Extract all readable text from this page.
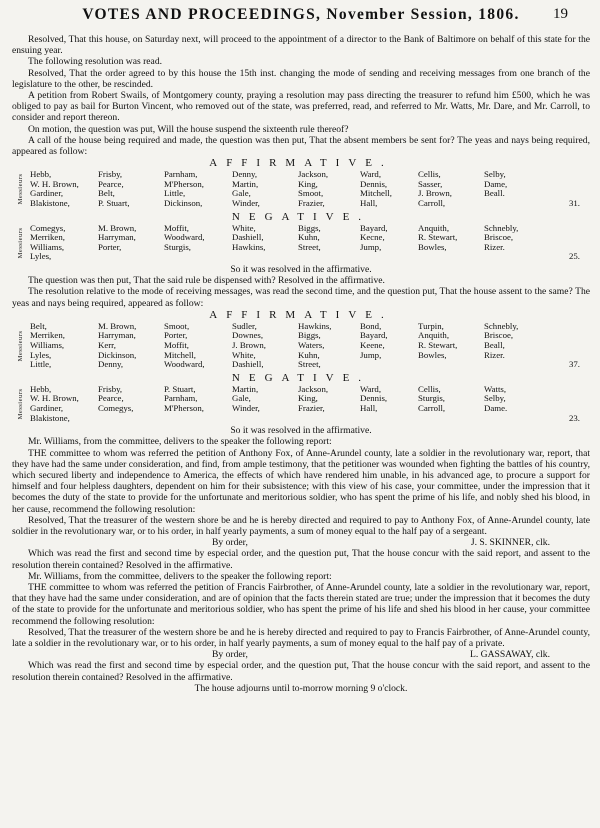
VOTES AND PROCEEDINGS, November Session, 1806. 19

Resolved, That this house, on Saturday next, will proceed to the appointment of a director to the Bank of Baltimore on behalf of this state for the ensuing year.

The following resolution was read.

Resolved, That the order agreed to by this house the 15th inst. changing the mode of sending and receiving messages from one branch of the legislature to the other, be rescinded.

A petition from Robert Swails, of Montgomery county, praying a resolution may pass directing the treasurer to refund him £500, which he was obliged to pay as bail for Burton Vincent, who removed out of the state, was preferred, read, and referred to Mr. Watts, Mr. Dare, and Mr. Carroll, to consider and report thereon.

On motion, the question was put, Will the house suspend the sixteenth rule thereof?

A call of the house being required and made, the question was then put, That the absent members be sent for? The yeas and nays being required, appeared as follow:

AFFIRMATIVE.

Messieurs Hebb,
W. H. Brown,
Gardiner,
Blakistone,
Frisby,
Pearce,
Belt,
P. Stuart,
Parnham,
M'Pherson,
Little,
Dickinson,
Denny,
Martin,
Gale,
Winder,
Jackson,
King,
Smoot,
Frazier,
Ward,
Dennis,
Mitchell,
Hall,
Cellis,
Sasser,
J. Brown,
Carroll,
Selby,
Dame,
Beall.

31.

NEGATIVE.

Messieurs Comegys,
Merriken,
Williams,
Lyles,
M. Brown,
Harryman,
Porter,

Moffit,
Woodward,
Sturgis,

White,
Dashiell,
Hawkins,

Biggs,
Kuhn,
Street,

Bayard,
Kecne,
Jump,

Anquith,
R. Stewart,
Bowles,

Schnebly,
Briscoe,
Rizer.

25.

So it was resolved in the affirmative.

The question was then put, That the said rule be dispensed with? Resolved in the affirmative.

The resolution relative to the mode of receiving messages, was read the second time, and the question put, That the house assent to the same? The yeas and nays being required, appeared as follow:

AFFIRMATIVE.

Messieurs
Belt,
Merriken,
Williams,
Lyles,
Little,
M. Brown,
Harryman,
Kerr,
Dickinson,
Denny,
Smoot,
Porter,
Moffit,
Mitchell,
Woodward,
Sudler,
Downes,
J. Brown,
White,
Dashiell,
Hawkins,
Biggs,
Waters,
Kuhn,
Street,
Bond,
Bayard,
Keene,
Jump,

Turpin,
Anquith,
R. Stewart,
Bowles,

Schnebly,
Briscoe,
Beall,
Rizer.

37.

NEGATIVE.

Messieurs Hebb,
W. H. Brown,
Gardiner,
Blakistone,
Frisby,
Pearce,
Comegys,

P. Stuart,
Parnham,
M'Pherson,

Martin,
Gale,
Winder,

Jackson,
King,
Frazier,

Ward,
Dennis,
Hall,

Cellis,
Sturgis,
Carroll,

Watts,
Selby,
Dame.

23.

So it was resolved in the affirmative.

Mr. Williams, from the committee, delivers to the speaker the following report:

THE committee to whom was referred the petition of Anthony Fox, of Anne-Arundel county, late a soldier in the revolutionary war, report, that they have had the same under consideration, and find, from ample testimony, that the petitioner was wounded when fighting the battles of his country, which secured liberty and independence to America, the effects of which have rendered him unable, in his advanced age, to procure a support for himself and four helpless daughters, dependent on him for their subsistence; with this view of his case, your committee, under the impression that it becomes the duty of the state to provide for the unfortunate and meritorious soldier, who has spent the prime of his life, and nobly shed his blood, in her cause, recommend the following resolution:

Resolved, That the treasurer of the western shore be and he is hereby directed and required to pay to Anthony Fox, of Anne-Arundel county, late soldier in the revolutionary war, or to his order, in half yearly payments, a sum of money equal to the half pay of a sergeant.

By order,	J. S. SKINNER, clk.

Which was read the first and second time by especial order, and the question put, That the house concur with the said report, and assent to the resolution therein contained? Resolved in the affirmative.

Mr. Williams, from the committee, delivers to the speaker the following report:

THE committee to whom was referred the petition of Francis Fairbrother, of Anne-Arundel county, late a soldier in the revolutionary war, report, that they have had the same under consideration, and are of opinion that the facts therein stated are true; under the impression that it becomes the duty of the state to provide for the unfortunate and meritorious soldier, who has spent the prime of his life and shed his blood in her cause, your committee recommend the following resolution:

Resolved, That the treasurer of the western shore be and he is hereby directed and required to pay to Francis Fairbrother, of Anne-Arundel county, late a soldier in the revolutionary war, or to his order, in half yearly payments, a sum of money equal to the half pay of a private.

By order,	L. GASSAWAY, clk.

Which was read the first and second time by especial order, and the question put, That the house concur with the said report, and assent to the resolution therein contained? Resolved in the affirmative.

The house adjourns until to-morrow morning 9 o'clock.
